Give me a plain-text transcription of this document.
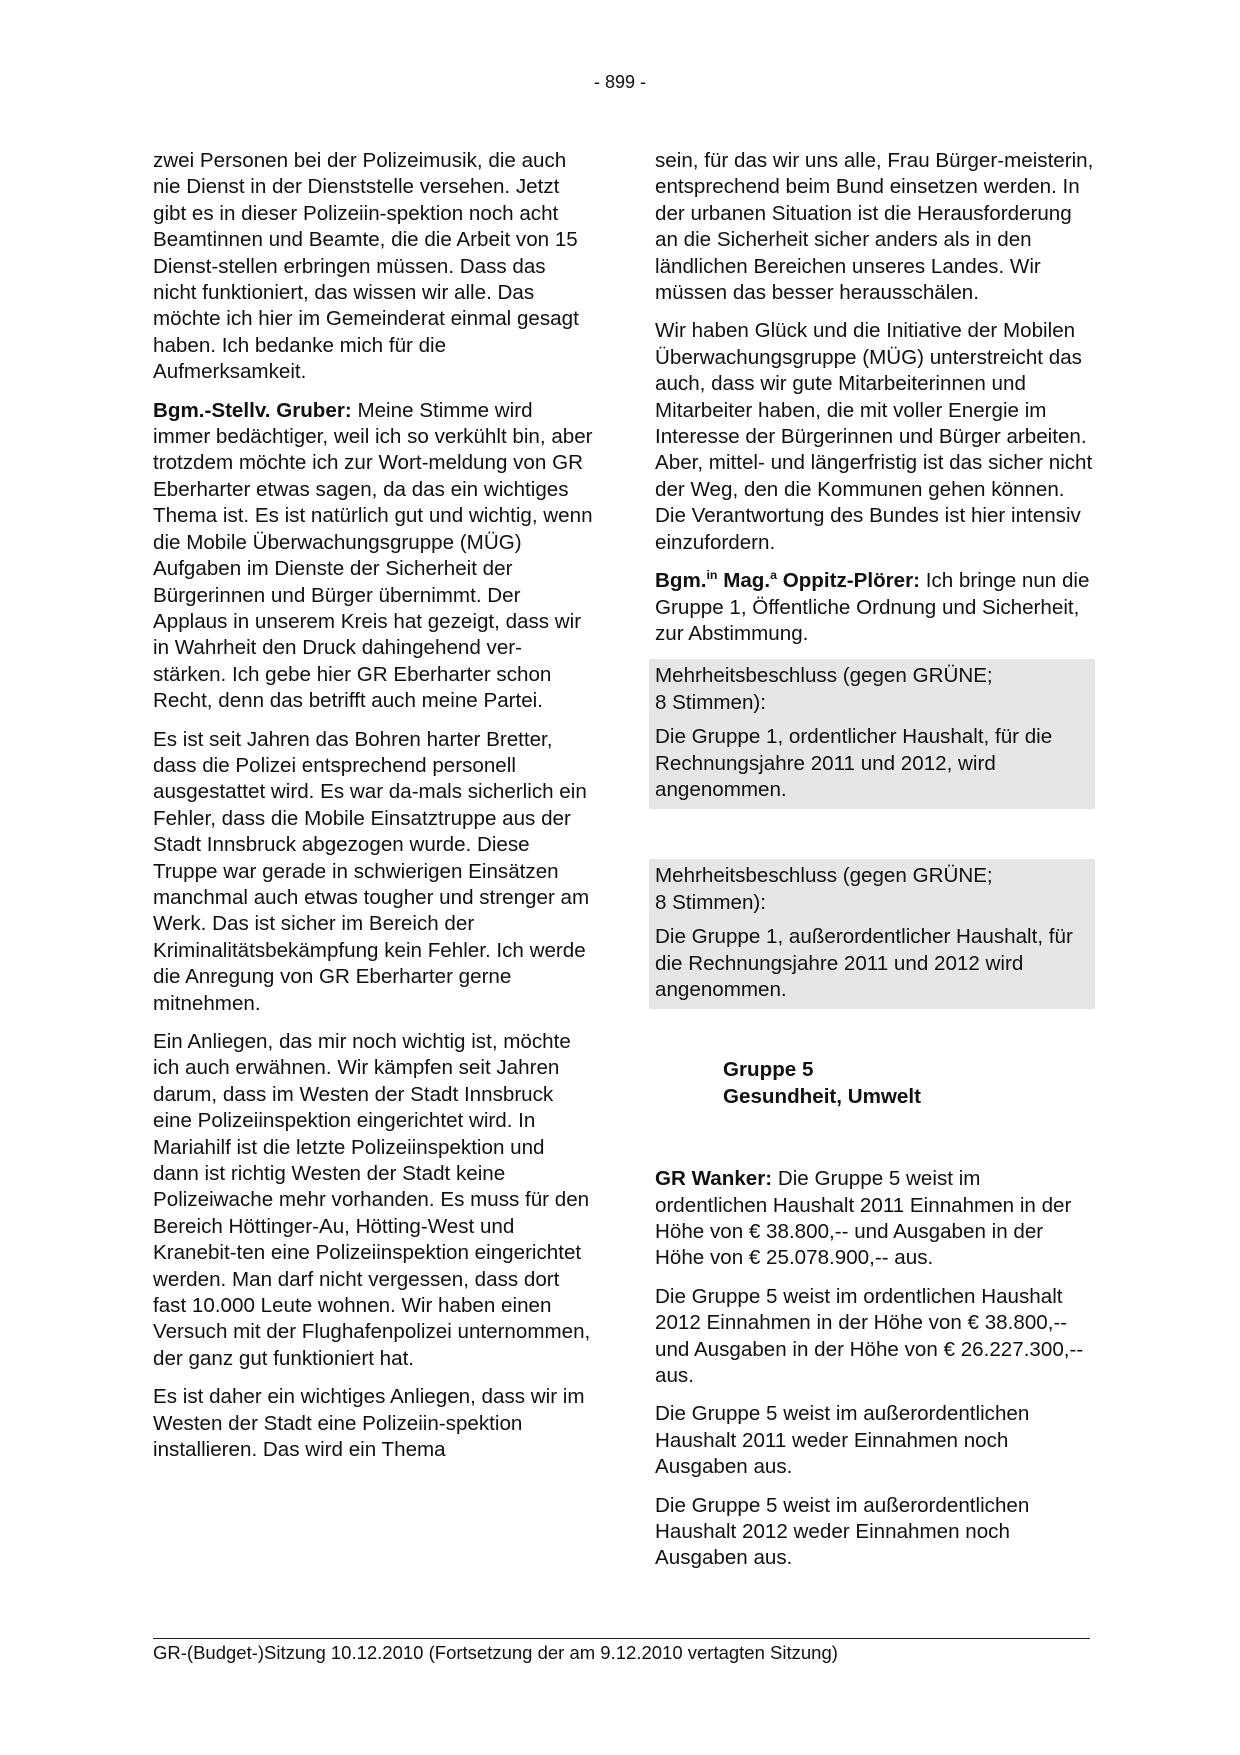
- 899 -

zwei Personen bei der Polizeimusik, die auch nie Dienst in der Dienststelle versehen. Jetzt gibt es in dieser Polizeiin-spektion noch acht Beamtinnen und Beamte, die die Arbeit von 15 Dienst-stellen erbringen müssen. Dass das nicht funktioniert, das wissen wir alle. Das möchte ich hier im Gemeinderat einmal gesagt haben. Ich bedanke mich für die Aufmerksamkeit.

Bgm.-Stellv. Gruber: Meine Stimme wird immer bedächtiger, weil ich so verkühlt bin, aber trotzdem möchte ich zur Wort-meldung von GR Eberharter etwas sagen, da das ein wichtiges Thema ist. Es ist natürlich gut und wichtig, wenn die Mobile Überwachungsgruppe (MÜG) Aufgaben im Dienste der Sicherheit der Bürgerinnen und Bürger übernimmt. Der Applaus in unserem Kreis hat gezeigt, dass wir in Wahrheit den Druck dahingehend ver-stärken. Ich gebe hier GR Eberharter schon Recht, denn das betrifft auch meine Partei.

Es ist seit Jahren das Bohren harter Bretter, dass die Polizei entsprechend personell ausgestattet wird. Es war da-mals sicherlich ein Fehler, dass die Mobile Einsatztruppe aus der Stadt Innsbruck abgezogen wurde. Diese Truppe war gerade in schwierigen Einsätzen manchmal auch etwas tougher und strenger am Werk. Das ist sicher im Bereich der Kriminalitätsbekämpfung kein Fehler. Ich werde die Anregung von GR Eberharter gerne mitnehmen.

Ein Anliegen, das mir noch wichtig ist, möchte ich auch erwähnen. Wir kämpfen seit Jahren darum, dass im Westen der Stadt Innsbruck eine Polizeiinspektion eingerichtet wird. In Mariahilf ist die letzte Polizeiinspektion und dann ist richtig Westen der Stadt keine Polizeiwache mehr vorhanden. Es muss für den Bereich Höttinger-Au, Hötting-West und Kranebit-ten eine Polizeiinspektion eingerichtet werden. Man darf nicht vergessen, dass dort fast 10.000 Leute wohnen. Wir haben einen Versuch mit der Flughafenpolizei unternommen, der ganz gut funktioniert hat.

Es ist daher ein wichtiges Anliegen, dass wir im Westen der Stadt eine Polizeiin-spektion installieren. Das wird ein Thema

sein, für das wir uns alle, Frau Bürger-meisterin, entsprechend beim Bund einsetzen werden. In der urbanen Situation ist die Herausforderung an die Sicherheit sicher anders als in den ländlichen Bereichen unseres Landes. Wir müssen das besser herausschälen.

Wir haben Glück und die Initiative der Mobilen Überwachungsgruppe (MÜG) unterstreicht das auch, dass wir gute Mitarbeiterinnen und Mitarbeiter haben, die mit voller Energie im Interesse der Bürgerinnen und Bürger arbeiten. Aber, mittel- und längerfristig ist das sicher nicht der Weg, den die Kommunen gehen können. Die Verantwortung des Bundes ist hier intensiv einzufordern.

Bgm.$^{in}$ Mag.$^a$ Oppitz-Plörer: Ich bringe nun die Gruppe 1, Öffentliche Ordnung und Sicherheit, zur Abstimmung.

Mehrheitsbeschluss (gegen GRÜNE;
8 Stimmen):

Die Gruppe 1, ordentlicher Haushalt, für die Rechnungsjahre 2011 und 2012, wird angenommen.

Mehrheitsbeschluss (gegen GRÜNE;
8 Stimmen):

Die Gruppe 1, außerordentlicher Haushalt, für die Rechnungsjahre 2011 und 2012 wird angenommen.

Gruppe 5
Gesundheit, Umwelt

GR Wanker: Die Gruppe 5 weist im ordentlichen Haushalt 2011 Einnahmen in der Höhe von € 38.800,-- und Ausgaben in der Höhe von € 25.078.900,-- aus.

Die Gruppe 5 weist im ordentlichen Haushalt 2012 Einnahmen in der Höhe von € 38.800,-- und Ausgaben in der Höhe von € 26.227.300,-- aus.

Die Gruppe 5 weist im außerordentlichen Haushalt 2011 weder Einnahmen noch Ausgaben aus.

Die Gruppe 5 weist im außerordentlichen Haushalt 2012 weder Einnahmen noch Ausgaben aus.

GR-(Budget-)Sitzung 10.12.2010 (Fortsetzung der am 9.12.2010 vertagten Sitzung)
